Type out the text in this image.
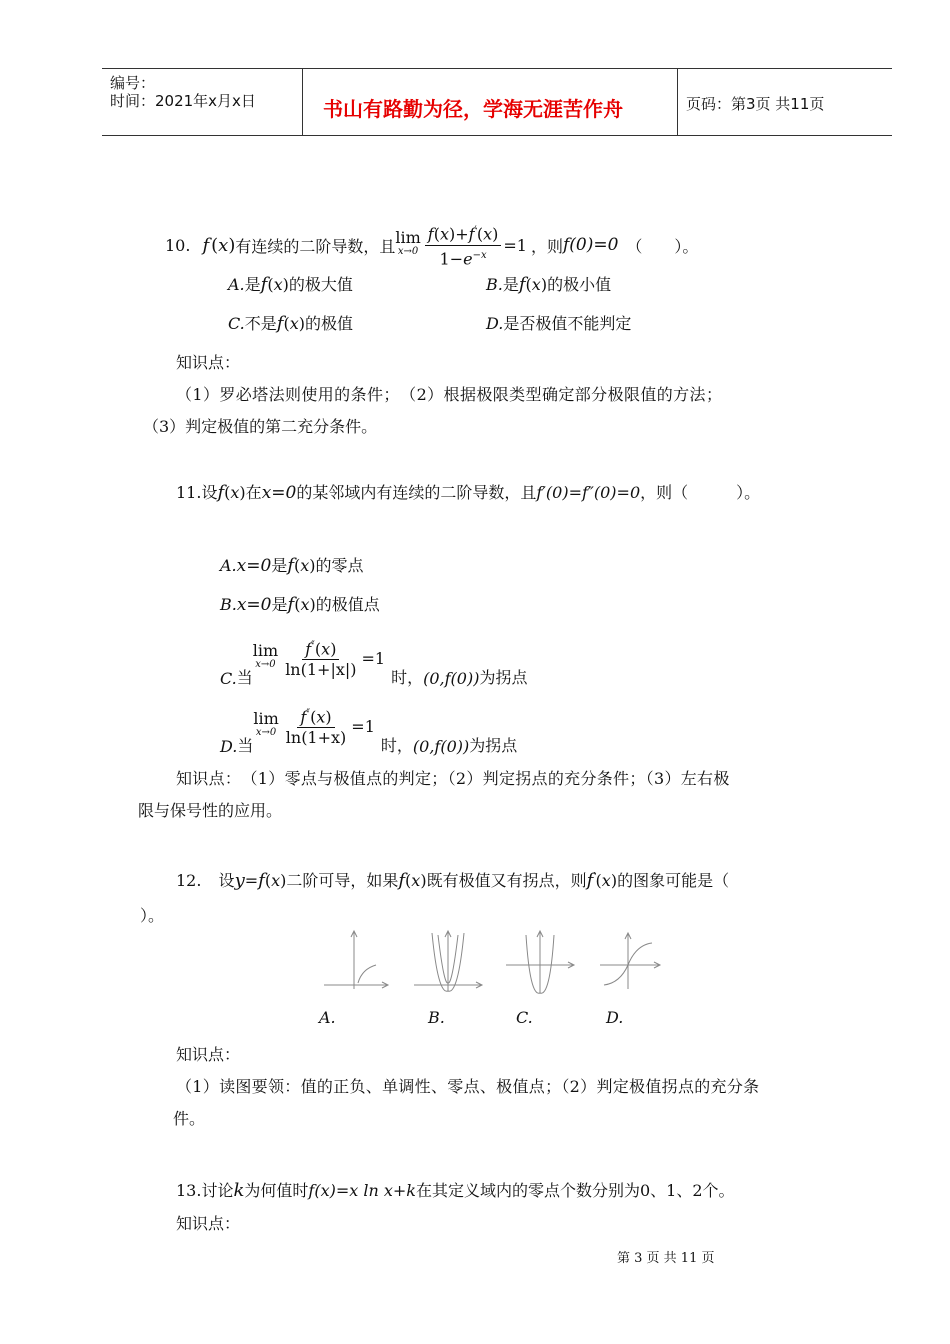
编号：
时间：2021年x月x日	书山有路勤为径，学海无涯苦作舟	页码：第3页 共11页
10. f ( x ) 有连续的二阶导数，且 lim
$x\to 0 \frac{f(x)+f'(x)}{1-e^{-x}} =1$ ，则 f(0)=0 （　　）。
A.是f(x)的极大值	B.是f(x)的极小值
C.不是f(x)的极值	D.是否极值不能判定
知识点：
（1）罗必塔法则使用的条件；　（2）根据极限类型确定部分极限值的方法；
（3）判定极值的第二充分条件。
11.设f(x)在x=0的某邻域内有连续的二阶导数，且f′(0)=f″(0)=0，则（　　　）。
A.x=0是f(x)的零点
B.x=0是f(x)的极值点
C. 当
lim
$x\to 0 \frac{f''(x)}{\ln(1+|x|)} =1$
时， (0,f(0)) 为拐点
D. 当
lim
$x\to 0 \frac{f''(x)}{\ln(1+x)} =1$
时， (0,f(0)) 为拐点
知识点：　（1）零点与极值点的判定；（2）判定拐点的充分条件；（3）左右极
限与保号性的应用。
12. 设y=f(x)二阶可导，如果f(x)既有极值又有拐点，则f′(x)的图象可能是（
）。
A.	B.	C.	D.
知识点：
（1）读图要领：值的正负、单调性、零点、极值点；（2）判定极值拐点的充分条
件。
13.讨论k为何值时f(x)=x ln x+k在其定义域内的零点个数分别为0、1、2个。
知识点：
第 3 页 共 11 页
